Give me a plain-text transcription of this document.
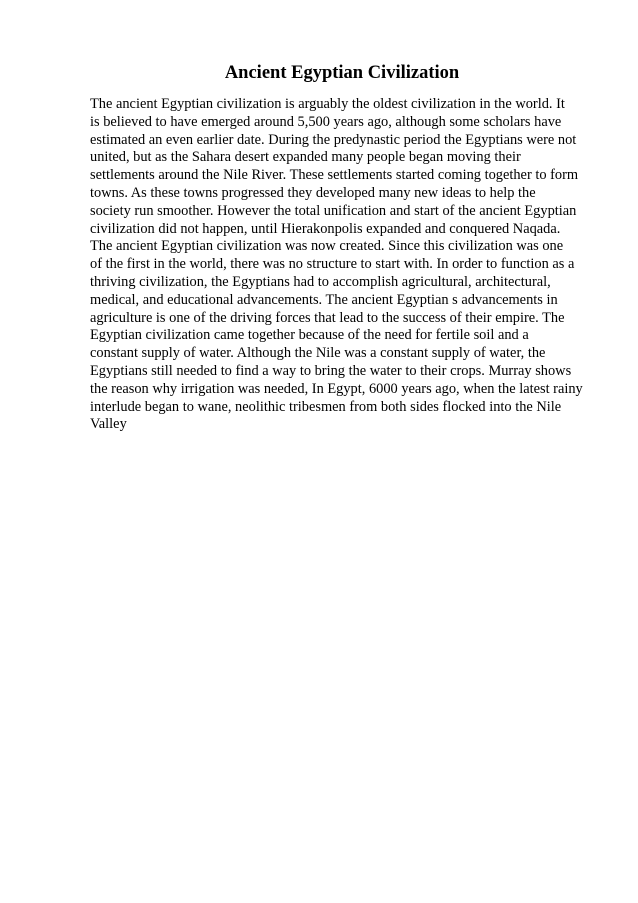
Ancient Egyptian Civilization
The ancient Egyptian civilization is arguably the oldest civilization in the world. It
is believed to have emerged around 5,500 years ago, although some scholars have
estimated an even earlier date. During the predynastic period the Egyptians were not
united, but as the Sahara desert expanded many people began moving their
settlements around the Nile River. These settlements started coming together to form
towns. As these towns progressed they developed many new ideas to help the
society run smoother. However the total unification and start of the ancient Egyptian
civilization did not happen, until Hierakonpolis expanded and conquered Naqada.
The ancient Egyptian civilization was now created. Since this civilization was one
of the first in the world, there was no structure to start with. In order to function as a
thriving civilization, the Egyptians had to accomplish agricultural, architectural,
medical, and educational advancements. The ancient Egyptian s advancements in
agriculture is one of the driving forces that lead to the success of their empire. The
Egyptian civilization came together because of the need for fertile soil and a
constant supply of water. Although the Nile was a constant supply of water, the
Egyptians still needed to find a way to bring the water to their crops. Murray shows
the reason why irrigation was needed, In Egypt, 6000 years ago, when the latest rainy
interlude began to wane, neolithic tribesmen from both sides flocked into the Nile
Valley
